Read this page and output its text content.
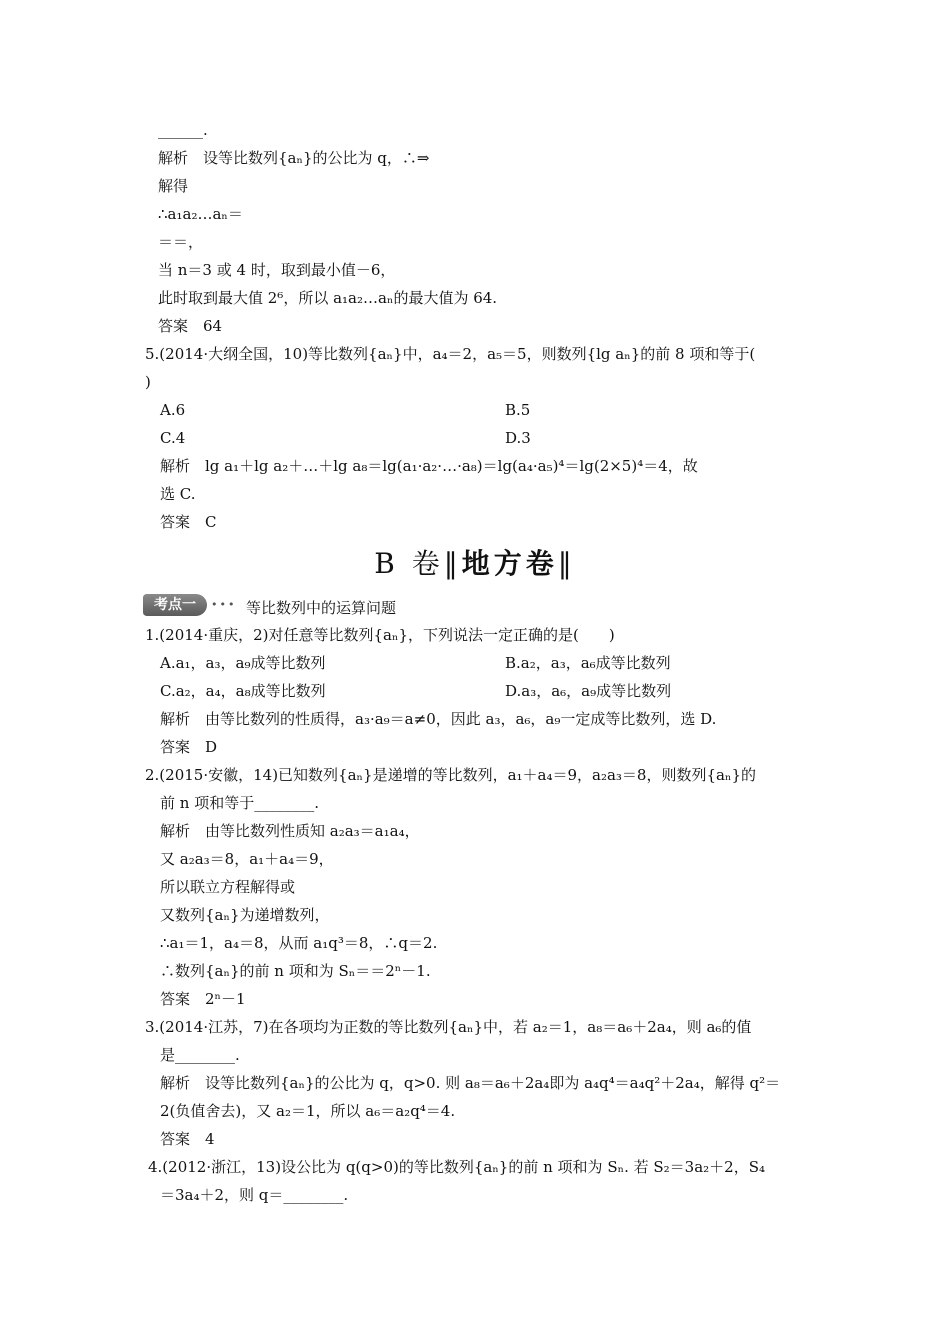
B 卷‖地方卷‖
考点一	•••
______.
解析　设等比数列{aₙ}的公比为 q，∴⇒
解得
∴a₁a₂…aₙ＝
＝＝，
当 n＝3 或 4 时，取到最小值－6，
此时取到最大值 2⁶，所以 a₁a₂…aₙ的最大值为 64.
答案　64
5.(2014·大纲全国，10)等比数列{aₙ}中，a₄＝2，a₅＝5，则数列{lg aₙ}的前 8 项和等于(
)
A.6	B.5
C.4	D.3
解析　lg a₁＋lg a₂＋…＋lg a₈＝lg(a₁·a₂·…·a₈)＝lg(a₄·a₅)⁴＝lg(2×5)⁴＝4，故
选 C.
答案　C
等比数列中的运算问题
1.(2014·重庆，2)对任意等比数列{aₙ}，下列说法一定正确的是(　　)
A.a₁，a₃，a₉成等比数列	B.a₂，a₃，a₆成等比数列
C.a₂，a₄，a₈成等比数列	D.a₃，a₆，a₉成等比数列
解析　由等比数列的性质得，a₃·a₉＝a≠0，因此 a₃，a₆，a₉一定成等比数列，选 D.
答案　D
2.(2015·安徽，14)已知数列{aₙ}是递增的等比数列，a₁＋a₄＝9，a₂a₃＝8，则数列{aₙ}的
前 n 项和等于________.
解析　由等比数列性质知 a₂a₃＝a₁a₄，
又 a₂a₃＝8，a₁＋a₄＝9，
所以联立方程解得或
又数列{aₙ}为递增数列，
∴a₁＝1，a₄＝8，从而 a₁q³＝8，∴q＝2.
∴数列{aₙ}的前 n 项和为 Sₙ＝＝2ⁿ－1.
答案　2ⁿ－1
3.(2014·江苏，7)在各项均为正数的等比数列{aₙ}中，若 a₂＝1，a₈＝a₆＋2a₄，则 a₆的值
是________.
解析　设等比数列{aₙ}的公比为 q，q>0. 则 a₈＝a₆＋2a₄即为 a₄q⁴＝a₄q²＋2a₄，解得 q²＝
2(负值舍去)，又 a₂＝1，所以 a₆＝a₂q⁴＝4.
答案　4
4.(2012·浙江，13)设公比为 q(q>0)的等比数列{aₙ}的前 n 项和为 Sₙ. 若 S₂＝3a₂＋2，S₄
＝3a₄＋2，则 q＝________.
